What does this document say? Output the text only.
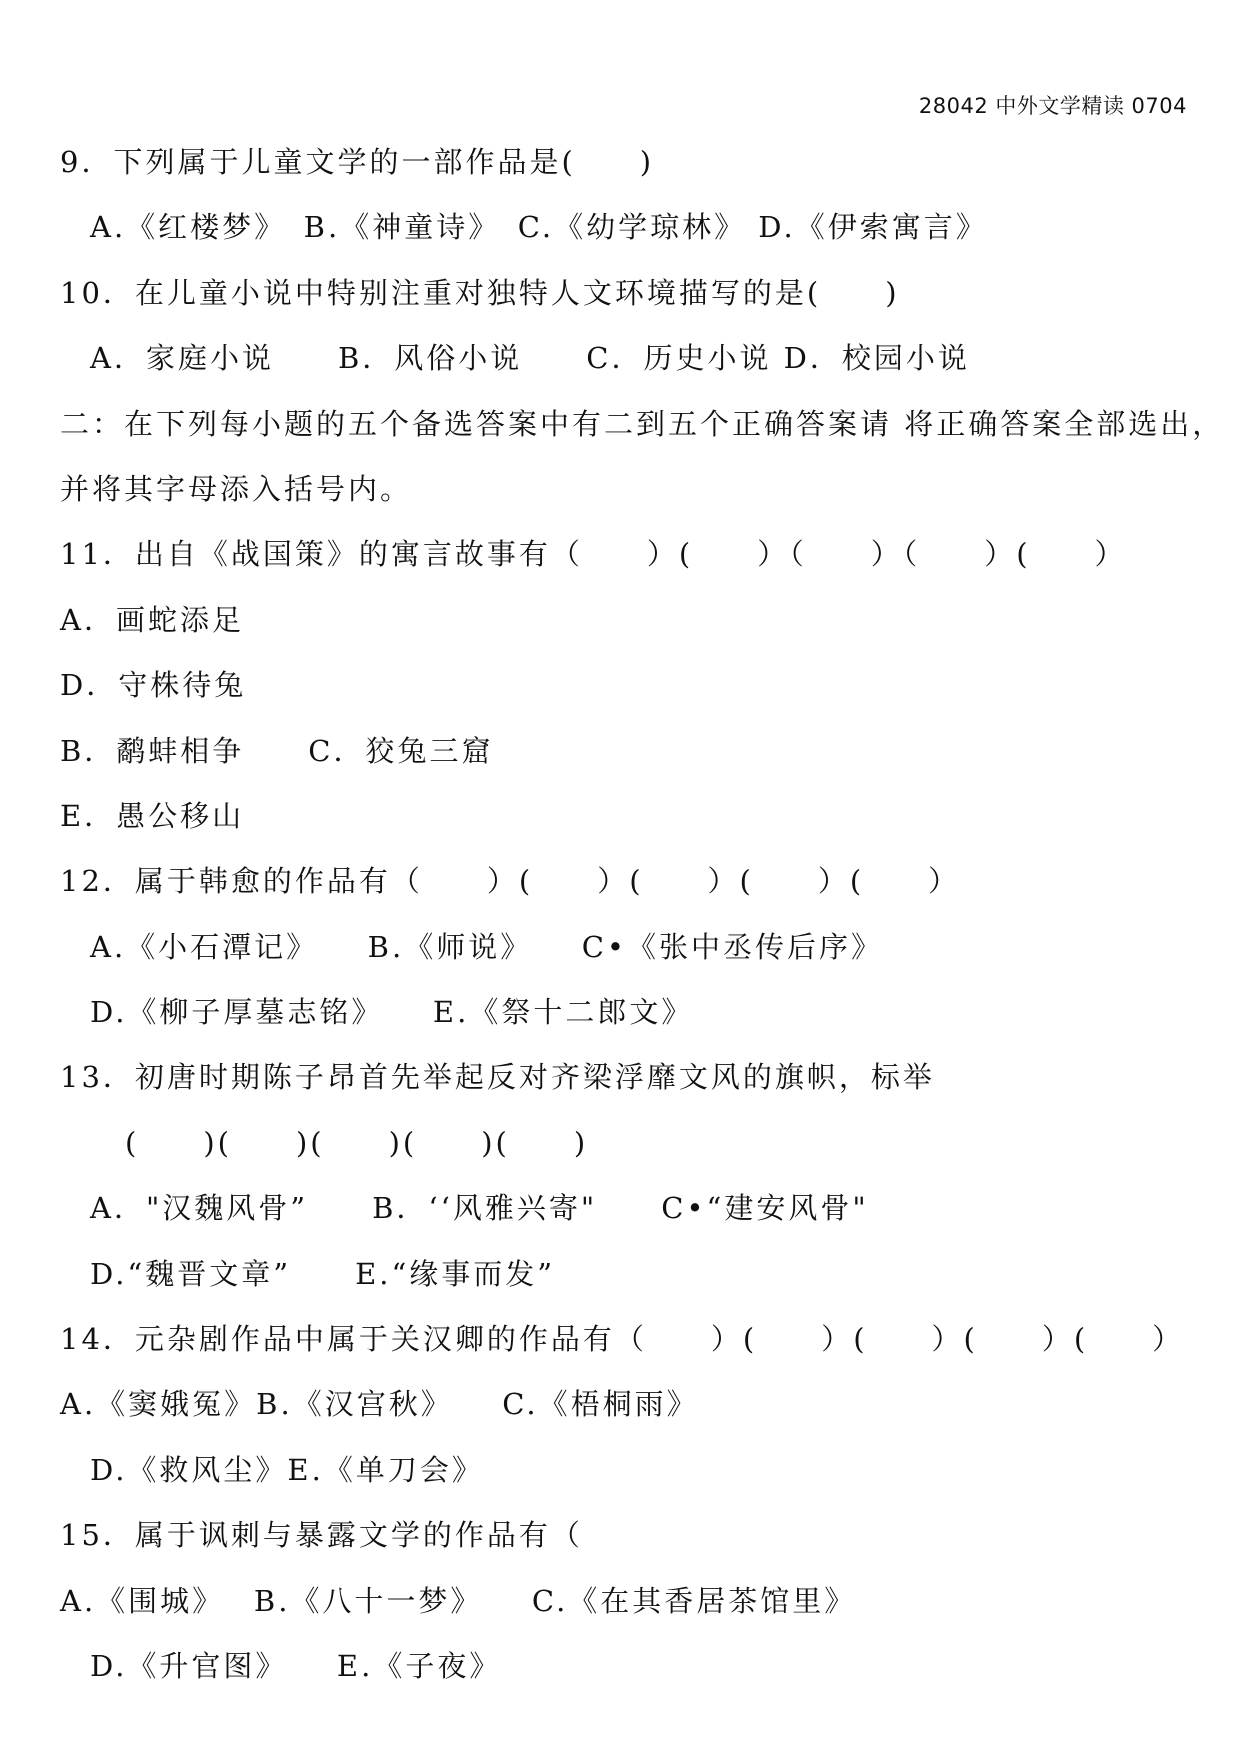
28042 中外文学精读 0704
9．下列属于儿童文学的一部作品是(　　)
A.《红楼梦》　B.《神童诗》　C.《幼学琼林》 D.《伊索寓言》
10．在儿童小说中特别注重对独特人文环境描写的是(　　)
A．家庭小说　　B．风俗小说　　C．历史小说 D．校园小说
二：在下列每小题的五个备选答案中有二到五个正确答案请 将正确答案全部选出，
并将其字母添入括号内。
11．出自《战国策》的寓言故事有（　　）(　　）（　　）（　　）(　　）
A．画蛇添足
D．守株待兔
B．鹬蚌相争　　C．狡兔三窟
E．愚公移山
12．属于韩愈的作品有（　　）(　　）(　　）(　　）(　　）
A.《小石潭记》　　B.《师说》　　C•《张中丞传后序》
D.《柳子厚墓志铭》　　E.《祭十二郎文》
13．初唐时期陈子昂首先举起反对齐梁浮靡文风的旗帜，标举
(　　)(　　)(　　)(　　)(　　)
A．"汉魏风骨”　　B．‘‘风雅兴寄"　　C•“建安风骨"
D.“魏晋文章”　　E.“缘事而发”
14．元杂剧作品中属于关汉卿的作品有（　　）(　　）(　　）(　　）(　　）
A.《窦娥冤》B.《汉宫秋》　　C.《梧桐雨》
D.《救风尘》E.《单刀会》
15．属于讽刺与暴露文学的作品有（
A.《围城》　 B.《八十一梦》　　C.《在其香居茶馆里》
D.《升官图》　　E.《子夜》
